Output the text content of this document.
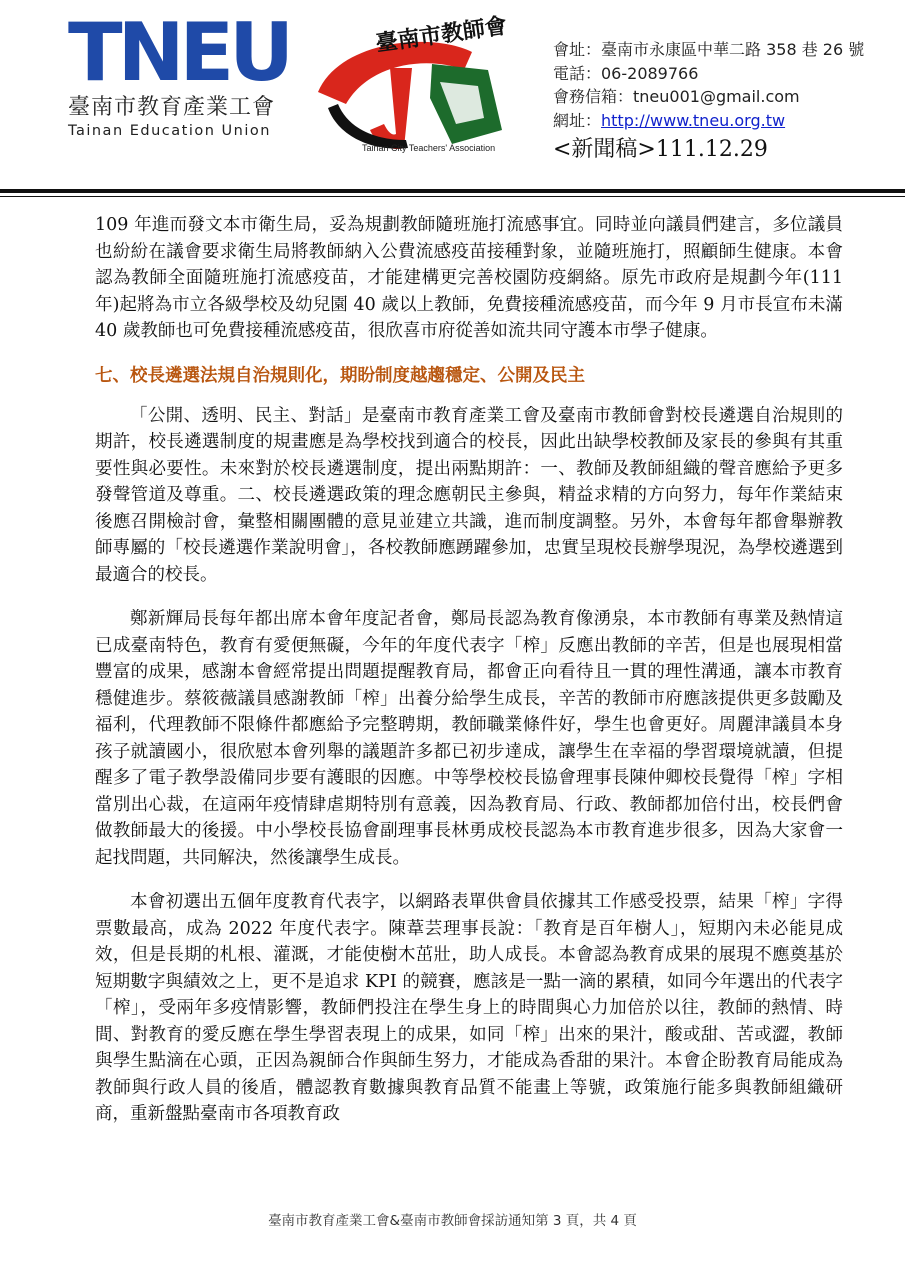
TNEU
臺南市教育產業工會
Tainan Education Union
臺南市教師會
Tainan City Teachers' Association
會址：臺南市永康區中華二路 358 巷 26 號
電話：06-2089766
會務信箱：tneu001@gmail.com
網址：http://www.tneu.org.tw
<新聞稿>111.12.29

109 年進而發文本市衛生局，妥為規劃教師隨班施打流感事宜。同時並向議員們建言，多位議員也紛紛在議會要求衛生局將教師納入公費流感疫苗接種對象，並隨班施打，照顧師生健康。本會認為教師全面隨班施打流感疫苗，才能建構更完善校園防疫網絡。原先市政府是規劃今年(111 年)起將為市立各級學校及幼兒園 40 歲以上教師，免費接種流感疫苗，而今年 9 月市長宣布未滿 40 歲教師也可免費接種流感疫苗，很欣喜市府從善如流共同守護本市學子健康。

七、校長遴選法規自治規則化，期盼制度越趨穩定、公開及民主

「公開、透明、民主、對話」是臺南市教育產業工會及臺南市教師會對校長遴選自治規則的期許，校長遴選制度的規畫應是為學校找到適合的校長，因此出缺學校教師及家長的參與有其重要性與必要性。未來對於校長遴選制度，提出兩點期許：一、教師及教師組織的聲音應給予更多發聲管道及尊重。二、校長遴選政策的理念應朝民主參與，精益求精的方向努力，每年作業結束後應召開檢討會，彙整相關團體的意見並建立共識，進而制度調整。另外，本會每年都會舉辦教師專屬的「校長遴選作業說明會」，各校教師應踴躍參加，忠實呈現校長辦學現況，為學校遴選到最適合的校長。

鄭新輝局長每年都出席本會年度記者會，鄭局長認為教育像湧泉，本市教師有專業及熱情這已成臺南特色，教育有愛便無礙，今年的年度代表字「榨」反應出教師的辛苦，但是也展現相當豐富的成果，感謝本會經常提出問題提醒教育局，都會正向看待且一貫的理性溝通，讓本市教育穩健進步。蔡筱薇議員感謝教師「榨」出養分給學生成長，辛苦的教師市府應該提供更多鼓勵及福利，代理教師不限條件都應給予完整聘期，教師職業條件好，學生也會更好。周麗津議員本身孩子就讀國小，很欣慰本會列舉的議題許多都已初步達成，讓學生在幸福的學習環境就讀，但提醒多了電子教學設備同步要有護眼的因應。中等學校校長協會理事長陳仲卿校長覺得「榨」字相當別出心裁，在這兩年疫情肆虐期特別有意義，因為教育局、行政、教師都加倍付出，校長們會做教師最大的後援。中小學校長協會副理事長林勇成校長認為本市教育進步很多，因為大家會一起找問題，共同解決，然後讓學生成長。

本會初選出五個年度教育代表字，以網路表單供會員依據其工作感受投票，結果「榨」字得票數最高，成為 2022 年度代表字。陳葦芸理事長說：「教育是百年樹人」，短期內未必能見成效，但是長期的札根、灌溉，才能使樹木茁壯，助人成長。本會認為教育成果的展現不應奠基於短期數字與績效之上，更不是追求 KPI 的競賽，應該是一點一滴的累積，如同今年選出的代表字「榨」，受兩年多疫情影響，教師們投注在學生身上的時間與心力加倍於以往，教師的熱情、時間、對教育的愛反應在學生學習表現上的成果，如同「榨」出來的果汁，酸或甜、苦或澀，教師與學生點滴在心頭，正因為親師合作與師生努力，才能成為香甜的果汁。本會企盼教育局能成為教師與行政人員的後盾，體認教育數據與教育品質不能畫上等號，政策施行能多與教師組織研商，重新盤點臺南市各項教育政

臺南市教育產業工會&臺南市教師會採訪通知第 3 頁，共 4 頁
